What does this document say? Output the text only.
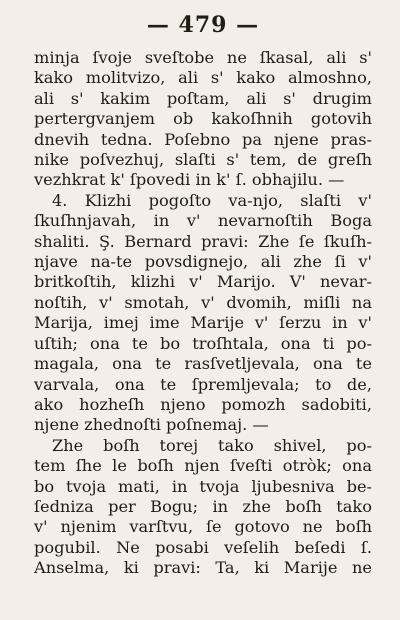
— 479 —
minja ſvoje sveſtobe ne ſkasal, ali s'
kako molitvizo, ali s' kako almoshno,
ali s' kakim poſtam, ali s' drugim
pertergvanjem ob kakoſhnih gotovih
dnevih tedna. Poſebno pa njene pras-
nike poſvezhuj, slaſti s' tem, de greſh
vezhkrat k' ſpovedi in k' ſ. obhajilu. —
4. Klizhi pogoſto va-njo, slaſti v'
ſkuſhnjavah, in v' nevarnoſtih Boga
shaliti. Ş. Bernard pravi: Zhe ſe ſkuſh-
njave na-te povsdignejo, ali zhe ſi v'
britkoſtih, klizhi v' Marijo. V' nevar-
noſtih, v' smotah, v' dvomih, miſli na
Marija, imej ime Marije v' ſerzu in v'
uſtih; ona te bo troſhtala, ona ti po-
magala, ona te rasſvetljevala, ona te
varvala, ona te ſpremljevala; to de,
ako hozheſh njeno pomozh sadobiti,
njene zhednoſti poſnemaj. —
Zhe boſh torej tako shivel, po-
tem ſhe le boſh njen ſveſti otròk; ona
bo tvoja mati, in tvoja ljubesniva be-
ſedniza per Bogu; in zhe boſh tako
v' njenim varſtvu, ſe gotovo ne boſh
pogubil. Ne posabi veſelih beſedi ſ.
Anselma, ki pravi: Ta, ki Marije ne
